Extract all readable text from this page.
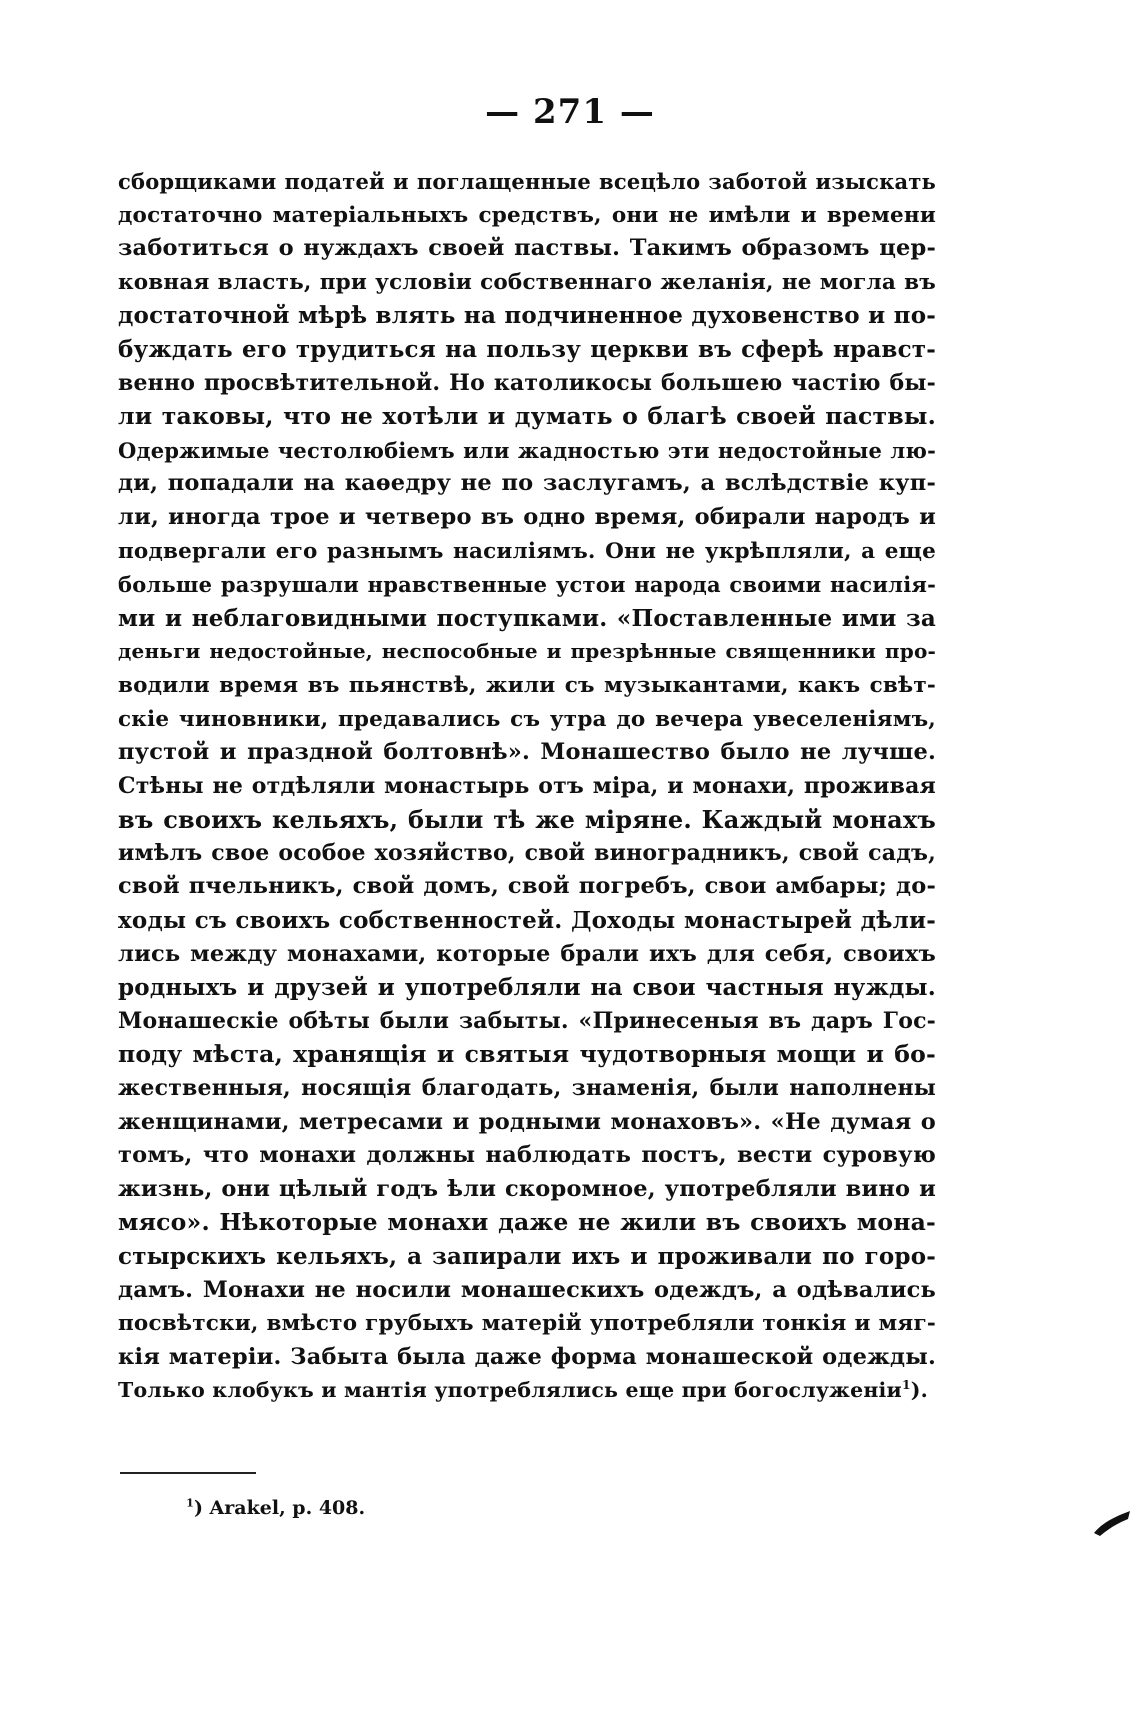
— 271 —
сборщиками податей и поглащенные всецѣло заботой изыскать
достаточно матеріальныхъ средствъ, они не имѣли и времени
заботиться о нуждахъ своей паствы. Такимъ образомъ цер-
ковная власть, при условіи собственнаго желанія, не могла въ
достаточной мѣрѣ влять на подчиненное духовенство и по-
буждать его трудиться на пользу церкви въ сферѣ нравст-
венно просвѣтительной. Но католикосы большею частію бы-
ли таковы, что не хотѣли и думать о благѣ своей паствы.
Одержимые честолюбіемъ или жадностью эти недостойные лю-
ди, попадали на каѳедру не по заслугамъ, а вслѣдствіе куп-
ли, иногда трое и четверо въ одно время, обирали народъ и
подвергали его разнымъ насиліямъ. Они не укрѣпляли, а еще
больше разрушали нравственные устои народа своими насилія-
ми и неблаговидными поступками. «Поставленные ими за
деньги недостойные, неспособные и презрѣнные священники про-
водили время въ пьянствѣ, жили съ музыкантами, какъ свѣт-
скіе чиновники, предавались съ утра до вечера увеселеніямъ,
пустой и праздной болтовнѣ». Монашество было не лучше.
Стѣны не отдѣляли монастырь отъ міра, и монахи, проживая
въ своихъ кельяхъ, были тѣ же міряне. Каждый монахъ
имѣлъ свое особое хозяйство, свой виноградникъ, свой садъ,
свой пчельникъ, свой домъ, свой погребъ, свои амбары; до-
ходы съ своихъ собственностей. Доходы монастырей дѣли-
лись между монахами, которые брали ихъ для себя, своихъ
родныхъ и друзей и употребляли на свои частныя нужды.
Монашескіе обѣты были забыты. «Принесеныя въ даръ Гос-
поду мѣста, хранящія и святыя чудотворныя мощи и бо-
жественныя, носящія благодать, знаменія, были наполнены
женщинами, метресами и родными монаховъ». «Не думая о
томъ, что монахи должны наблюдать постъ, вести суровую
жизнь, они цѣлый годъ ѣли скоромное, употребляли вино и
мясо». Нѣкоторые монахи даже не жили въ своихъ мона-
стырскихъ кельяхъ, а запирали ихъ и проживали по горо-
дамъ. Монахи не носили монашескихъ одеждъ, а одѣвались
посвѣтски, вмѣсто грубыхъ матерій употребляли тонкія и мяг-
кія матеріи. Забыта была даже форма монашеской одежды.
Только клобукъ и мантія употреблялись еще при богослуженіи$^1$).
$^1$) Arakel, p. 408.
